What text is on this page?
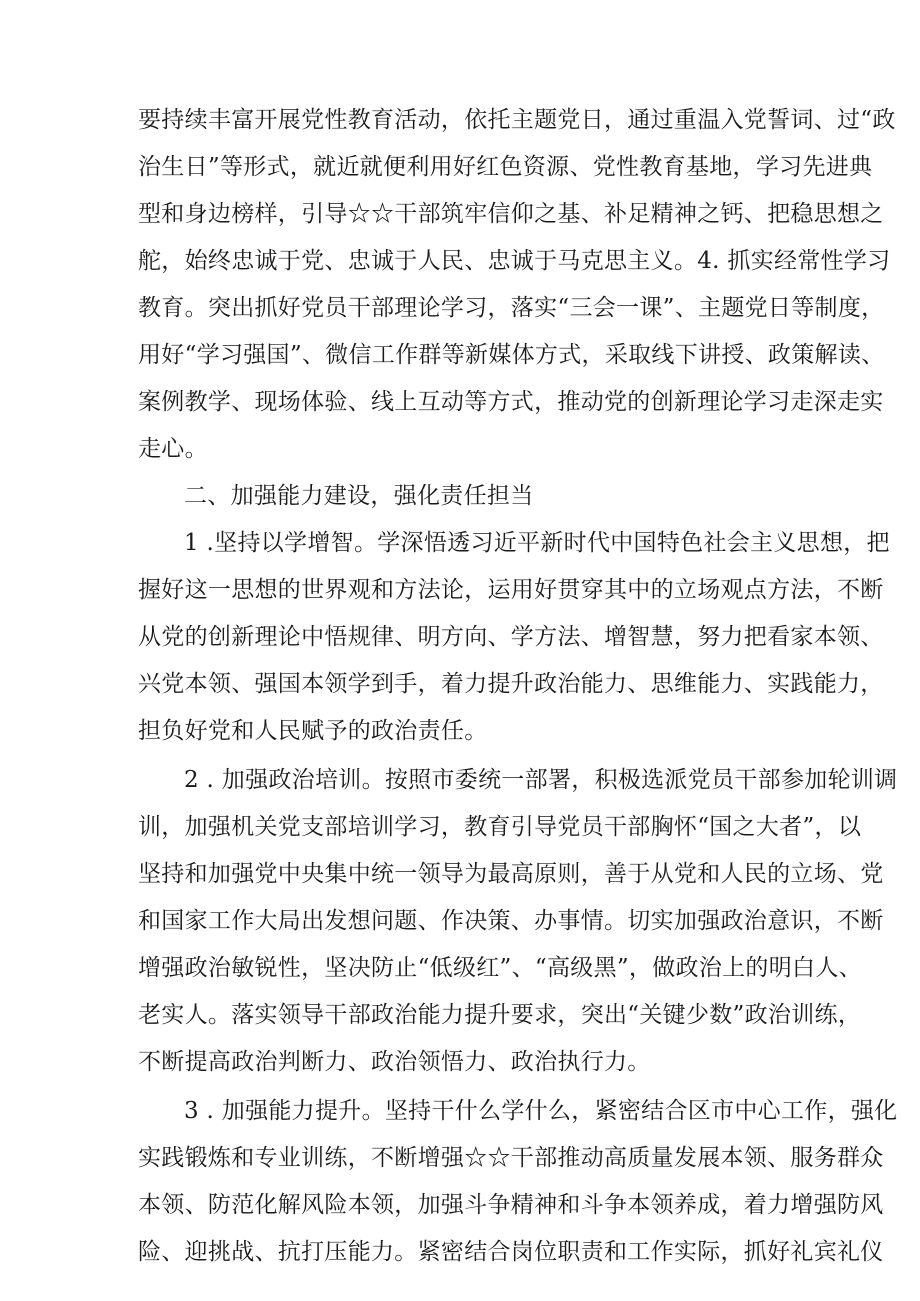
要持续丰富开展党性教育活动，依托主题党日，通过重温入党誓词、过“政
治生日”等形式，就近就便利用好红色资源、党性教育基地，学习先进典
型和身边榜样，引导☆☆干部筑牢信仰之基、补足精神之钙、把稳思想之
舵，始终忠诚于党、忠诚于人民、忠诚于马克思主义。4. 抓实经常性学习
教育。突出抓好党员干部理论学习，落实“三会一课”、主题党日等制度，
用好“学习强国”、微信工作群等新媒体方式，采取线下讲授、政策解读、
案例教学、现场体验、线上互动等方式，推动党的创新理论学习走深走实
走心。
二、加强能力建设，强化责任担当
1 .坚持以学增智。学深悟透习近平新时代中国特色社会主义思想，把
握好这一思想的世界观和方法论，运用好贯穿其中的立场观点方法，不断
从党的创新理论中悟规律、明方向、学方法、增智慧，努力把看家本领、
兴党本领、强国本领学到手，着力提升政治能力、思维能力、实践能力，
担负好党和人民赋予的政治责任。
2 . 加强政治培训。按照市委统一部署，积极选派党员干部参加轮训调
训，加强机关党支部培训学习，教育引导党员干部胸怀“国之大者”，以
坚持和加强党中央集中统一领导为最高原则，善于从党和人民的立场、党
和国家工作大局出发想问题、作决策、办事情。切实加强政治意识，不断
增强政治敏锐性，坚决防止“低级红”、“高级黑”，做政治上的明白人、
老实人。落实领导干部政治能力提升要求，突出“关键少数”政治训练，
不断提高政治判断力、政治领悟力、政治执行力。
3 . 加强能力提升。坚持干什么学什么，紧密结合区市中心工作，强化
实践锻炼和专业训练，不断增强☆☆干部推动高质量发展本领、服务群众
本领、防范化解风险本领，加强斗争精神和斗争本领养成，着力增强防风
险、迎挑战、抗打压能力。紧密结合岗位职责和工作实际，抓好礼宾礼仪
